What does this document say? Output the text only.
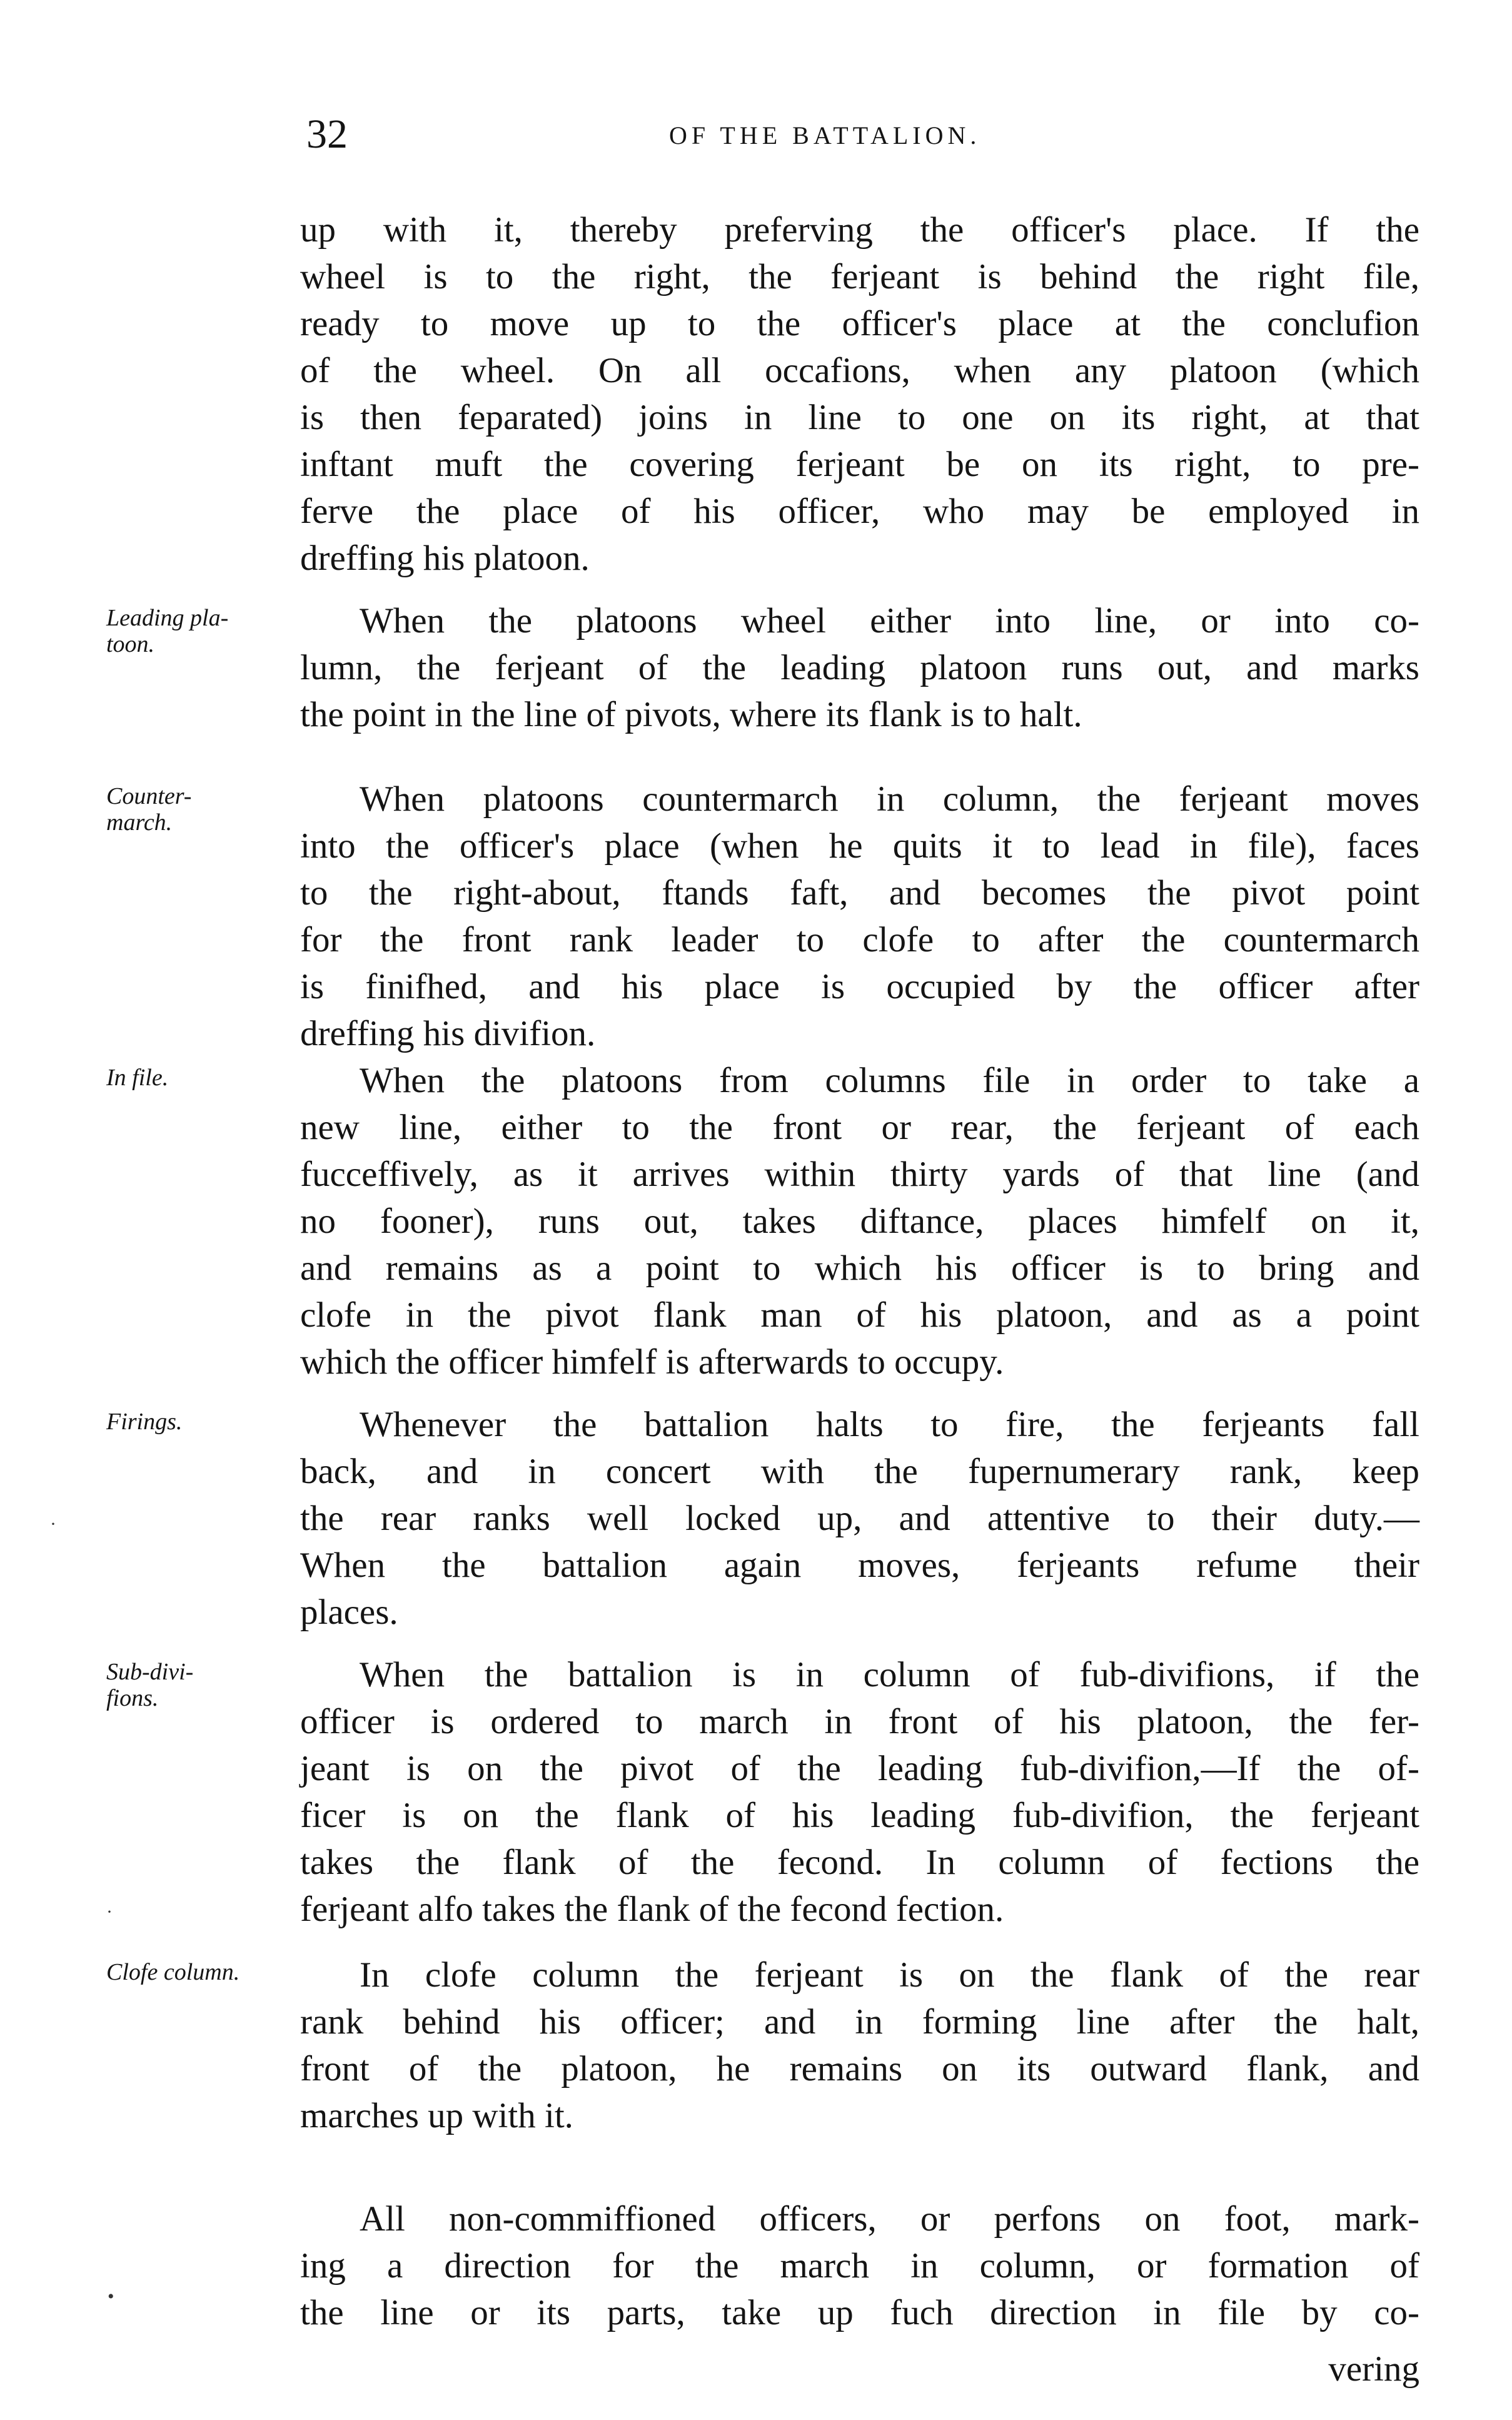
32	OF THE BATTALION.
up with it, thereby preferving the officer's place. If the
wheel is to the right, the ferjeant is behind the right file,
ready to move up to the officer's place at the conclufion
of the wheel. On all occafions, when any platoon (which
is then feparated) joins in line to one on its right, at that
inftant muft the covering ferjeant be on its right, to pre-
ferve the place of his officer, who may be employed in
dreffing his platoon.
When the platoons wheel either into line, or into co-
lumn, the ferjeant of the leading platoon runs out, and marks
the point in the line of pivots, where its flank is to halt.
Leading pla-
toon.
When platoons countermarch in column, the ferjeant moves
into the officer's place (when he quits it to lead in file), faces
to the right-about, ftands faft, and becomes the pivot point
for the front rank leader to clofe to after the countermarch
is finifhed, and his place is occupied by the officer after
dreffing his divifion.
Counter-
march.
When the platoons from columns file in order to take a
new line, either to the front or rear, the ferjeant of each
fucceffively, as it arrives within thirty yards of that line (and
no fooner), runs out, takes diftance, places himfelf on it,
and remains as a point to which his officer is to bring and
clofe in the pivot flank man of his platoon, and as a point
which the officer himfelf is afterwards to occupy.
In file.
Whenever the battalion halts to fire, the ferjeants fall
back, and in concert with the fupernumerary rank, keep
the rear ranks well locked up, and attentive to their duty.—
When the battalion again moves, ferjeants refume their
places.
Firings.
When the battalion is in column of fub-divifions, if the
officer is ordered to march in front of his platoon, the fer-
jeant is on the pivot of the leading fub-divifion,—If the of-
ficer is on the flank of his leading fub-divifion, the ferjeant
takes the flank of the fecond. In column of fections the
ferjeant alfo takes the flank of the fecond fection.
Sub-divi-
fions.
In clofe column the ferjeant is on the flank of the rear
rank behind his officer; and in forming line after the halt,
front of the platoon, he remains on its outward flank, and
marches up with it.
Clofe column.
All non-commiffioned officers, or perfons on foot, mark-
ing a direction for the march in column, or formation of
the line or its parts, take up fuch direction in file by co-
vering
·
·
•
